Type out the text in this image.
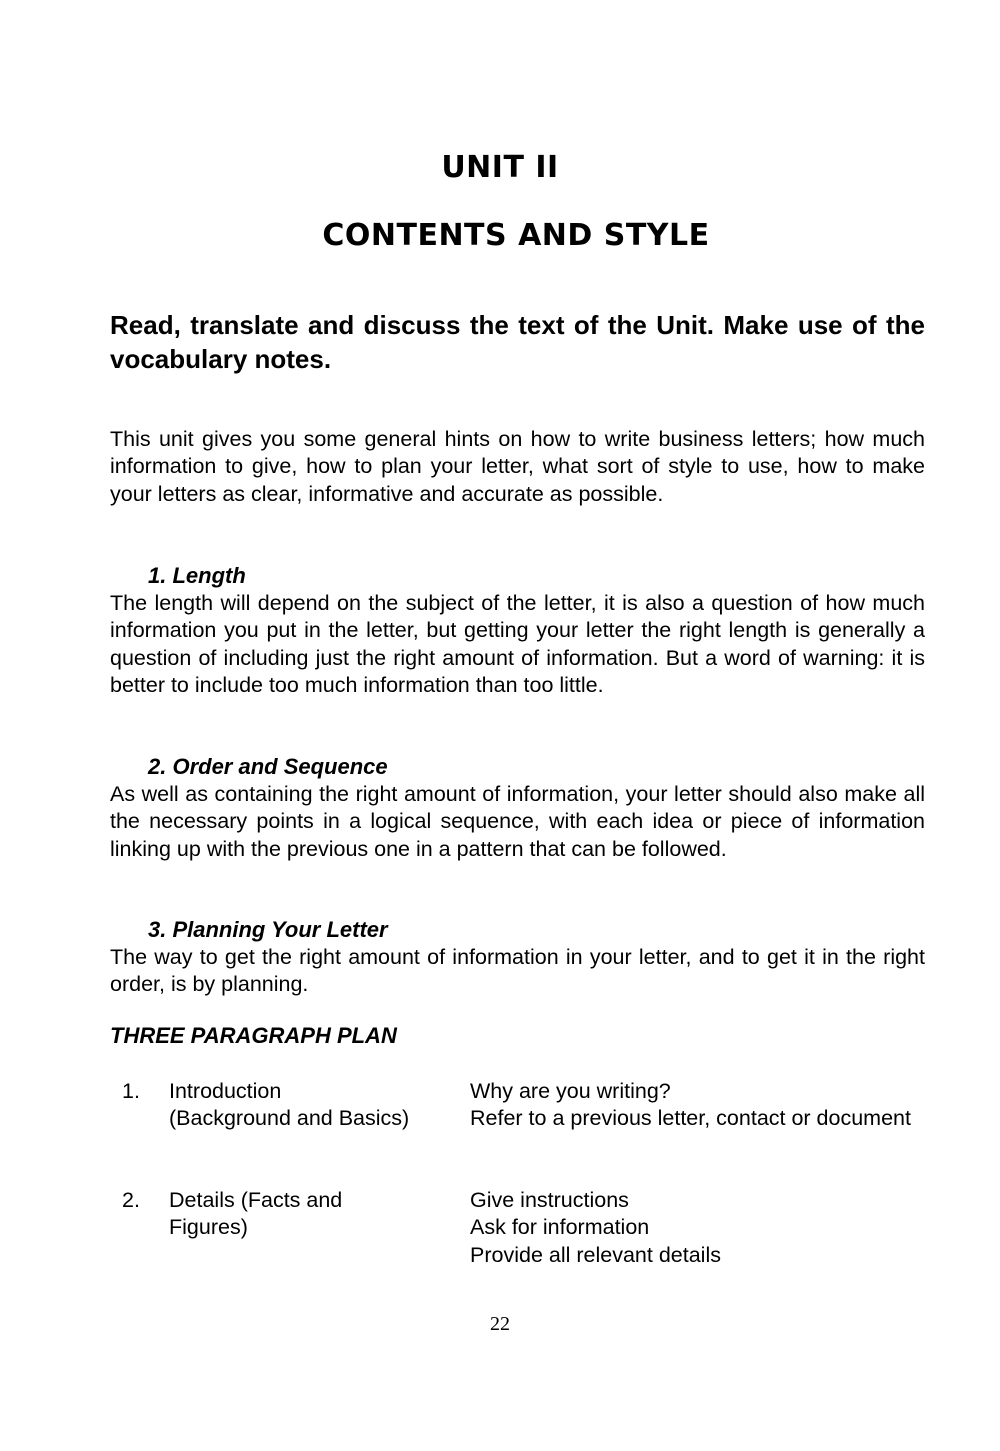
UNIT II
CONTENTS AND STYLE
Read, translate and discuss the text of the Unit. Make use of the vocabulary notes.
This unit gives you some general hints on how to write business letters; how much information to give, how to plan your letter, what sort of style to use, how to make your letters as clear, informative and accurate as possible.
1. Length
The length will depend on the subject of the letter, it is also a question of how much information you put in the letter, but getting your letter the right length is generally a question of including just the right amount of information. But a word of warning: it is better to include too much information than too little.
2. Order and Sequence
As well as containing the right amount of information, your letter should also make all the necessary points in a logical sequence, with each idea or piece of information linking up with the previous one in a pattern that can be followed.
3. Planning Your Letter
The way to get the right amount of information in your letter, and to get it in the right order, is by planning.
THREE PARAGRAPH PLAN
1. Introduction
(Background and Basics)
Why are you writing?
Refer to a previous letter, contact or document
2. Details (Facts and
Figures)
Give instructions
Ask for information
Provide all relevant details
22
